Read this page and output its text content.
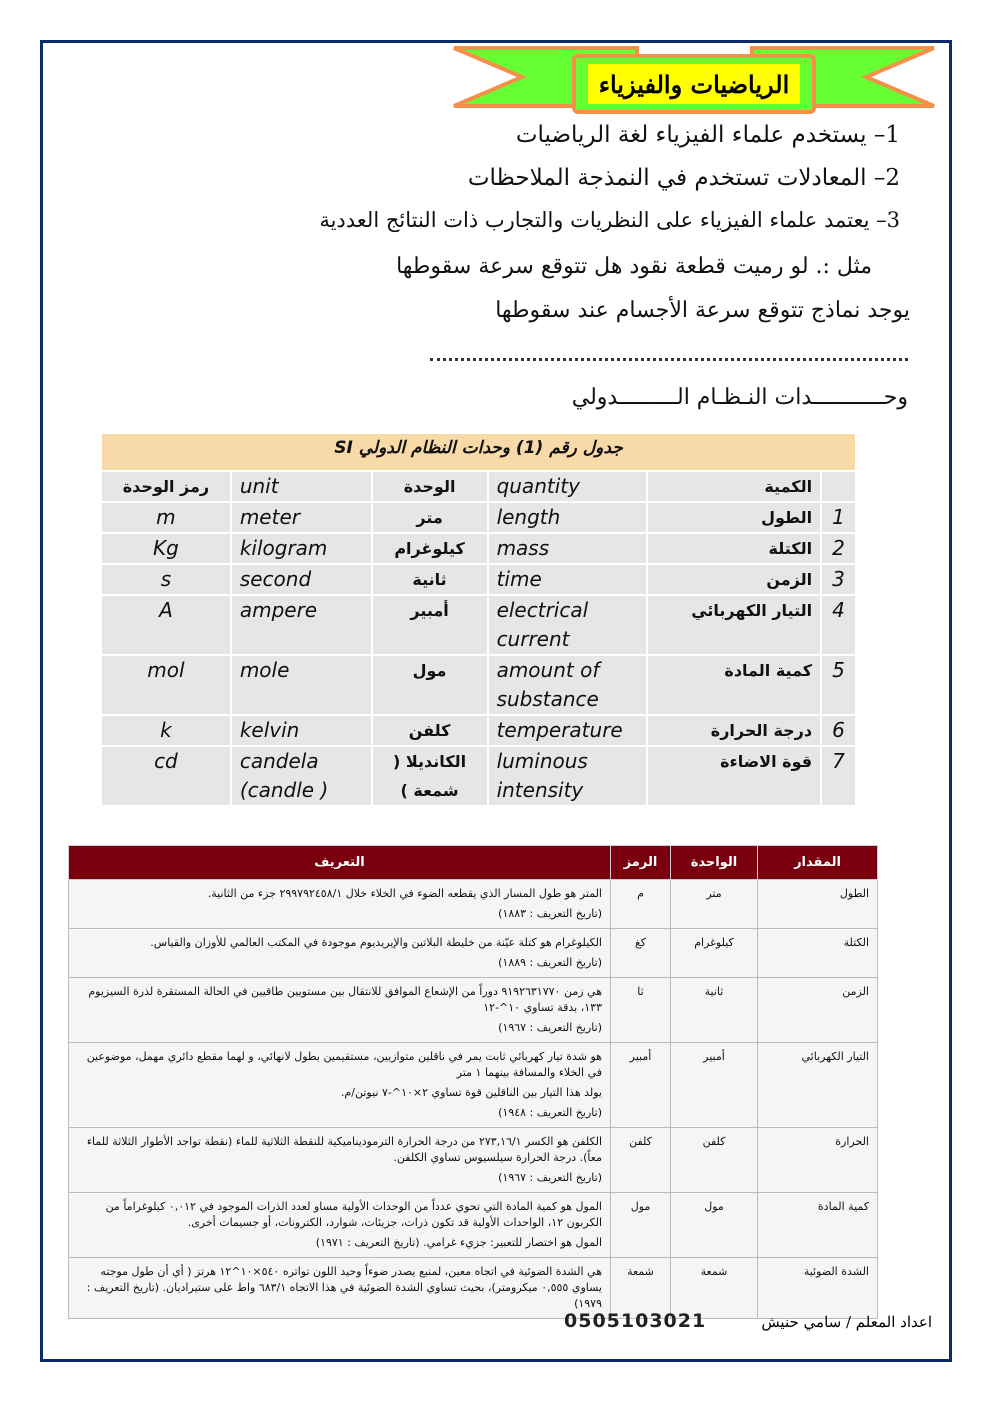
الرياضيات والفيزياء
1– يستخدم علماء الفيزياء لغة الرياضيات
2– المعادلات تستخدم في النمذجة الملاحظات
3– يعتمد علماء الفيزياء على النظريات والتجارب ذات النتائج العددية
مثل :. لو رميت قطعة نقود هل تتوقع سرعة سقوطها
يوجد نماذج تتوقع سرعة الأجسام عند سقوطها
وحـــــــــــدات النـظـام الـــــــــدولي
جدول رقم (1) وحدات النظام الدولي SI					
رمز الوحدة	unit	الوحدة	quantity	الكمية	
m	meter	متر	length	الطول	1
Kg	kilogram	كيلوغرام	mass	الكتلة	2
s	second	ثانية	time	الزمن	3
A	ampere	أمبير	electrical current	التيار الكهربائي	4
mol	mole	مول	amount of substance	كمية المادة	5
k	kelvin	كلفن	temperature	درجة الحرارة	6
cd	candela (candle )	الكانديلا ( شمعة )	luminous intensity	قوة الاضاءة	7
المقدار	الواحدة	الرمز	التعريف
الطول	متر	م	المتر هو طول المسار الذي يقطعه الضوء في الخلاء خلال ٢٩٩٧٩٢٤٥٨/١ جزء من الثانية.
(تاريخ التعريف : ١٨٨٣)

الكتلة	كيلوغرام	كغ	الكيلوغرام هو كتلة عيّنة من خليطة البلاتين والإيريديوم موجودة في المكتب العالمي للأوزان والقياس.
(تاريخ التعريف : ١٨٨٩)

الزمن	ثانية	ثا	هي زمن ٩١٩٢٦٣١٧٧٠ دوراً من الإشعاع الموافق للانتقال بين مستويين طاقيين في الحالة المستقرة لذرة السيزيوم ١٣٣، بدقة تساوي ١٠^-١٢
(تاريخ التعريف : ١٩٦٧)

التيار الكهربائي	أمبير	أمبير	هو شدة تيار كهربائي ثابت يمر في ناقلين متوازيين، مستقيمين بطول لانهائي، و لهما مقطع دائري مهمل، موضوعين في الخلاء والمسافة بينهما ١ متر
يولد هذا التيار بين الناقلين قوة تساوي ٢×١٠^-٧ نيوتن/م.
(تاريخ التعريف : ١٩٤٨)

الحرارة	كلفن	كلفن	الكلفن هو الكسر ٢٧٣,١٦/١ من درجة الحرارة الترموديناميكية للنقطة الثلاثية للماء (نقطة تواجد الأطوار الثلاثة للماء معاً). درجة الحرارة سيلسيوس تساوي الكلفن.
(تاريخ التعريف : ١٩٦٧)

كمية المادة	مول	مول	المول هو كمية المادة التي تحوي عدداً من الوحدات الأولية مساو لعدد الذرات الموجود في ٠,٠١٢ كيلوغراماً من الكربون ١٢، الواحدات الأولية قد تكون ذرات، جزيئات، شوارد، الكترونات، أو جسيمات أخرى.
المول هو اختصار للتعبير: جزيء غرامي. (تاريخ التعريف : ١٩٧١)

الشدة الضوئية	شمعة	شمعة	هي الشدة الضوئية في اتجاه معين، لمنبع يصدر ضوءاً وحيد اللون تواتره ٥٤٠×١٠^١٢ هرتز ( أي أن طول موجته يساوي ٠,٥٥٥ ميكرومتر)، بحيث تساوي الشدة الضوئية في هذا الاتجاه ٦٨٣/١ واط على ستيراديان. (تاريخ التعريف : ١٩٧٩)
0505103021	اعداد المعلم / سامي حنيش
